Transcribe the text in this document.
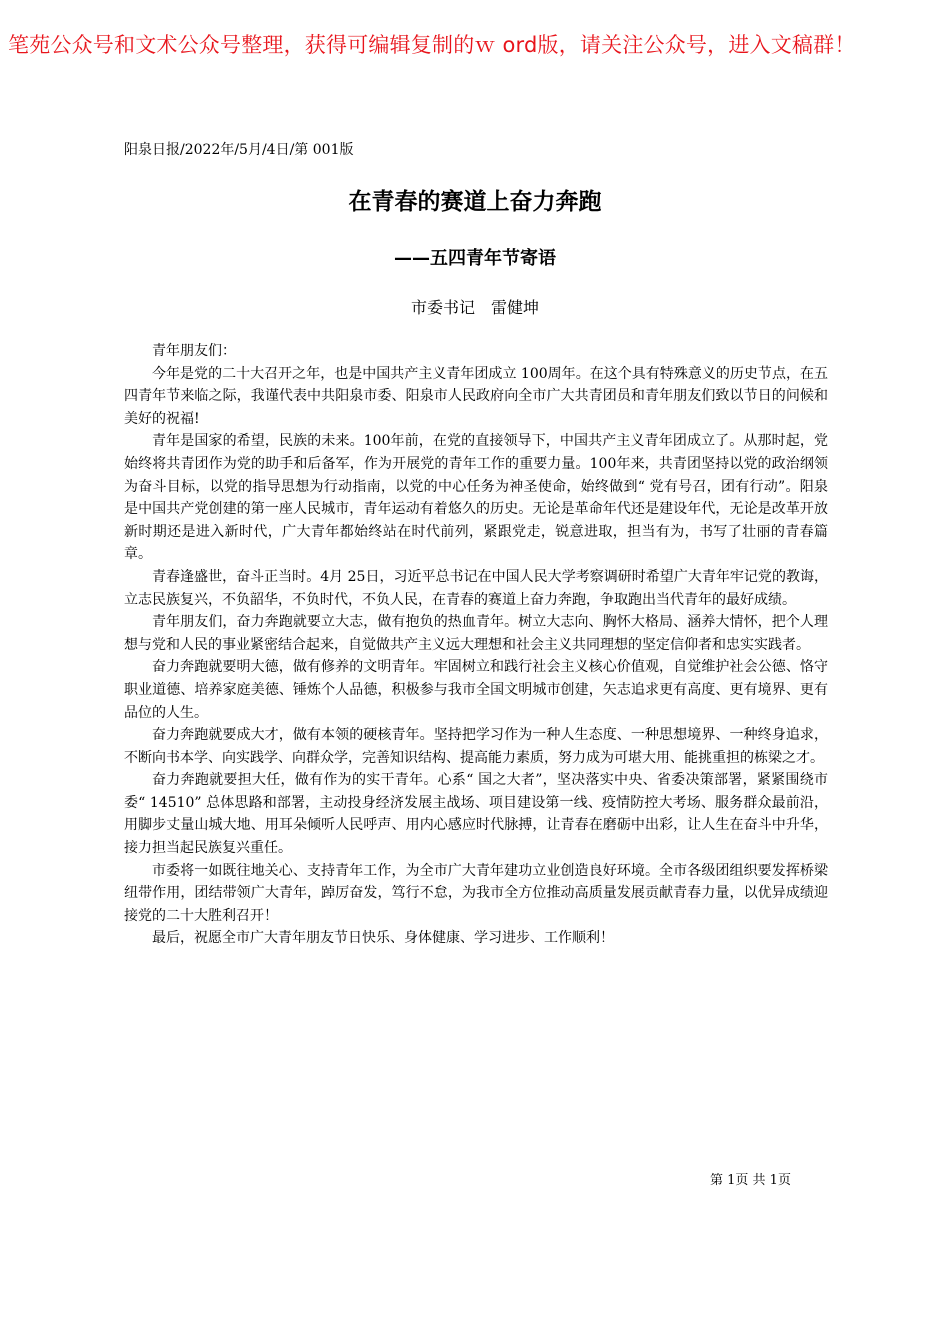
笔苑公众号和文术公众号整理，获得可编辑复制的ｗ ord版，请关注公众号，进入文稿群！
阳泉日报/2022年/5月/4日/第 001版
在青春的赛道上奋力奔跑
——五四青年节寄语
市委书记　雷健坤

青年朋友们：

今年是党的二十大召开之年，也是中国共产主义青年团成立 100周年。在这个具有特殊意义的历史节点，在五四青年节来临之际，我谨代表中共阳泉市委、阳泉市人民政府向全市广大共青团员和青年朋友们致以节日的问候和美好的祝福!

青年是国家的希望，民族的未来。100年前，在党的直接领导下，中国共产主义青年团成立了。从那时起，党始终将共青团作为党的助手和后备军，作为开展党的青年工作的重要力量。100年来，共青团坚持以党的政治纲领为奋斗目标，以党的指导思想为行动指南，以党的中心任务为神圣使命，始终做到“ 党有号召，团有行动”。阳泉是中国共产党创建的第一座人民城市，青年运动有着悠久的历史。无论是革命年代还是建设年代，无论是改革开放新时期还是进入新时代，广大青年都始终站在时代前列，紧跟党走，锐意进取，担当有为，书写了壮丽的青春篇章。

青春逢盛世，奋斗正当时。4月 25日，习近平总书记在中国人民大学考察调研时希望广大青年牢记党的教诲，立志民族复兴，不负韶华，不负时代，不负人民，在青春的赛道上奋力奔跑，争取跑出当代青年的最好成绩。

青年朋友们，奋力奔跑就要立大志，做有抱负的热血青年。树立大志向、胸怀大格局、涵养大情怀，把个人理想与党和人民的事业紧密结合起来，自觉做共产主义远大理想和社会主义共同理想的坚定信仰者和忠实实践者。

奋力奔跑就要明大德，做有修养的文明青年。牢固树立和践行社会主义核心价值观，自觉维护社会公德、恪守职业道德、培养家庭美德、锤炼个人品德，积极参与我市全国文明城市创建，矢志追求更有高度、更有境界、更有品位的人生。

奋力奔跑就要成大才，做有本领的硬核青年。坚持把学习作为一种人生态度、一种思想境界、一种终身追求，不断向书本学、向实践学、向群众学，完善知识结构、提高能力素质，努力成为可堪大用、能挑重担的栋梁之才。

奋力奔跑就要担大任，做有作为的实干青年。心系“ 国之大者”，坚决落实中央、省委决策部署，紧紧围绕市委“ 14510” 总体思路和部署，主动投身经济发展主战场、项目建设第一线、疫情防控大考场、服务群众最前沿，用脚步丈量山城大地、用耳朵倾听人民呼声、用内心感应时代脉搏，让青春在磨砺中出彩，让人生在奋斗中升华，接力担当起民族复兴重任。

市委将一如既往地关心、支持青年工作，为全市广大青年建功立业创造良好环境。全市各级团组织要发挥桥梁纽带作用，团结带领广大青年，踔厉奋发，笃行不怠，为我市全方位推动高质量发展贡献青春力量，以优异成绩迎接党的二十大胜利召开！

最后，祝愿全市广大青年朋友节日快乐、身体健康、学习进步、工作顺利！

第 1页 共 1页
